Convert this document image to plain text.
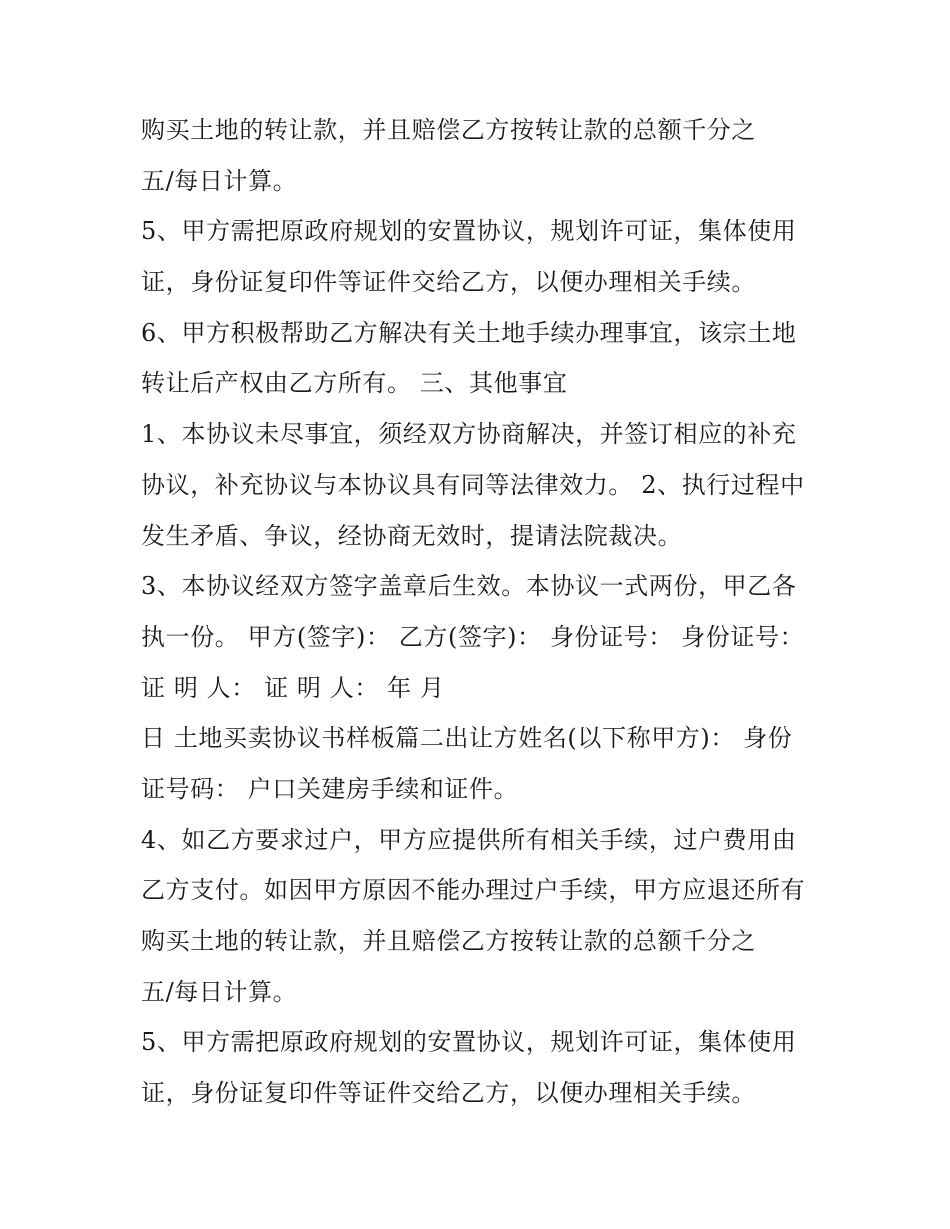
购买土地的转让款，并且赔偿乙方按转让款的总额千分之
五/每日计算。
5、甲方需把原政府规划的安置协议，规划许可证，集体使用
证，身份证复印件等证件交给乙方，以便办理相关手续。
6、甲方积极帮助乙方解决有关土地手续办理事宜，该宗土地
转让后产权由乙方所有。 三、其他事宜
1、本协议未尽事宜，须经双方协商解决，并签订相应的补充
协议，补充协议与本协议具有同等法律效力。 2、执行过程中
发生矛盾、争议，经协商无效时，提请法院裁决。
3、本协议经双方签字盖章后生效。本协议一式两份，甲乙各
执一份。 甲方(签字)： 乙方(签字)： 身份证号： 身份证号：
证 明 人： 证 明 人： 年 月
日 土地买卖协议书样板篇二出让方姓名(以下称甲方)： 身份
证号码： 户口关建房手续和证件。
4、如乙方要求过户，甲方应提供所有相关手续，过户费用由
乙方支付。如因甲方原因不能办理过户手续，甲方应退还所有
购买土地的转让款，并且赔偿乙方按转让款的总额千分之
五/每日计算。
5、甲方需把原政府规划的安置协议，规划许可证，集体使用
证，身份证复印件等证件交给乙方，以便办理相关手续。
